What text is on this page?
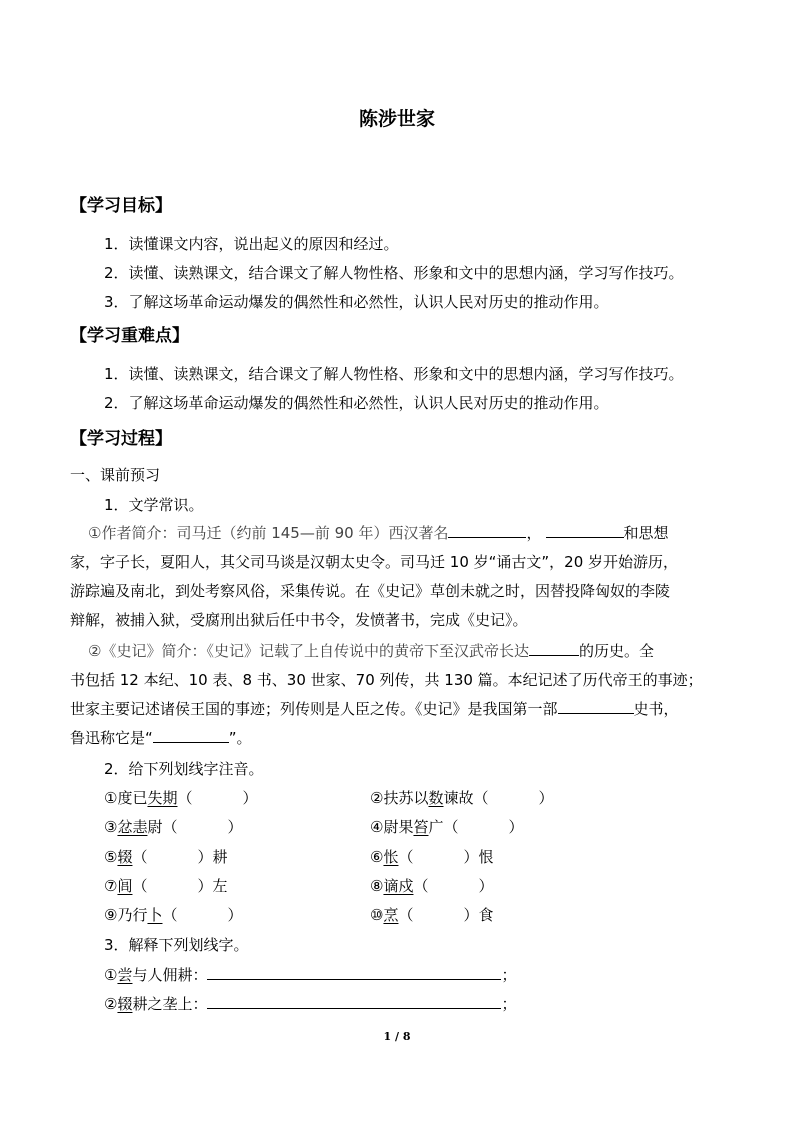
陈涉世家
【学习目标】
1．读懂课文内容，说出起义的原因和经过。
2．读懂、读熟课文，结合课文了解人物性格、形象和文中的思想内涵，学习写作技巧。
3．了解这场革命运动爆发的偶然性和必然性，认识人民对历史的推动作用。
【学习重难点】
1．读懂、读熟课文，结合课文了解人物性格、形象和文中的思想内涵，学习写作技巧。
2．了解这场革命运动爆发的偶然性和必然性，认识人民对历史的推动作用。
【学习过程】
一、课前预习
1．文学常识。
①作者简介：司马迁（约前 145—前 90 年）西汉著名	，	和思想
家，字子长，夏阳人，其父司马谈是汉朝太史令。司马迁 10 岁“诵古文”，20 岁开始游历，
游踪遍及南北，到处考察风俗，采集传说。在《史记》草创未就之时，因替投降匈奴的李陵
辩解，被捕入狱，受腐刑出狱后任中书令，发愤著书，完成《史记》。
②《史记》简介：《史记》记载了上自传说中的黄帝下至汉武帝长达	的历史。全
书包括 12 本纪、10 表、8 书、30 世家、70 列传，共 130 篇。本纪记述了历代帝王的事迹；
世家主要记述诸侯王国的事迹；列传则是人臣之传。《史记》是我国第一部	史书，
鲁迅称它是“	”。
2．给下列划线字注音。
①度已失期（	）	②扶苏以数谏故（	）
③忿恚尉（	）	④尉果笞广（	）
⑤辍（	）耕	⑥怅（	）恨
⑦闾（	）左	⑧谪戍（	）
⑨乃行卜（	）	⑩烹（	）食
3．解释下列划线字。
①尝与人佣耕：	；
②辍耕之垄上：	；
1 / 8
